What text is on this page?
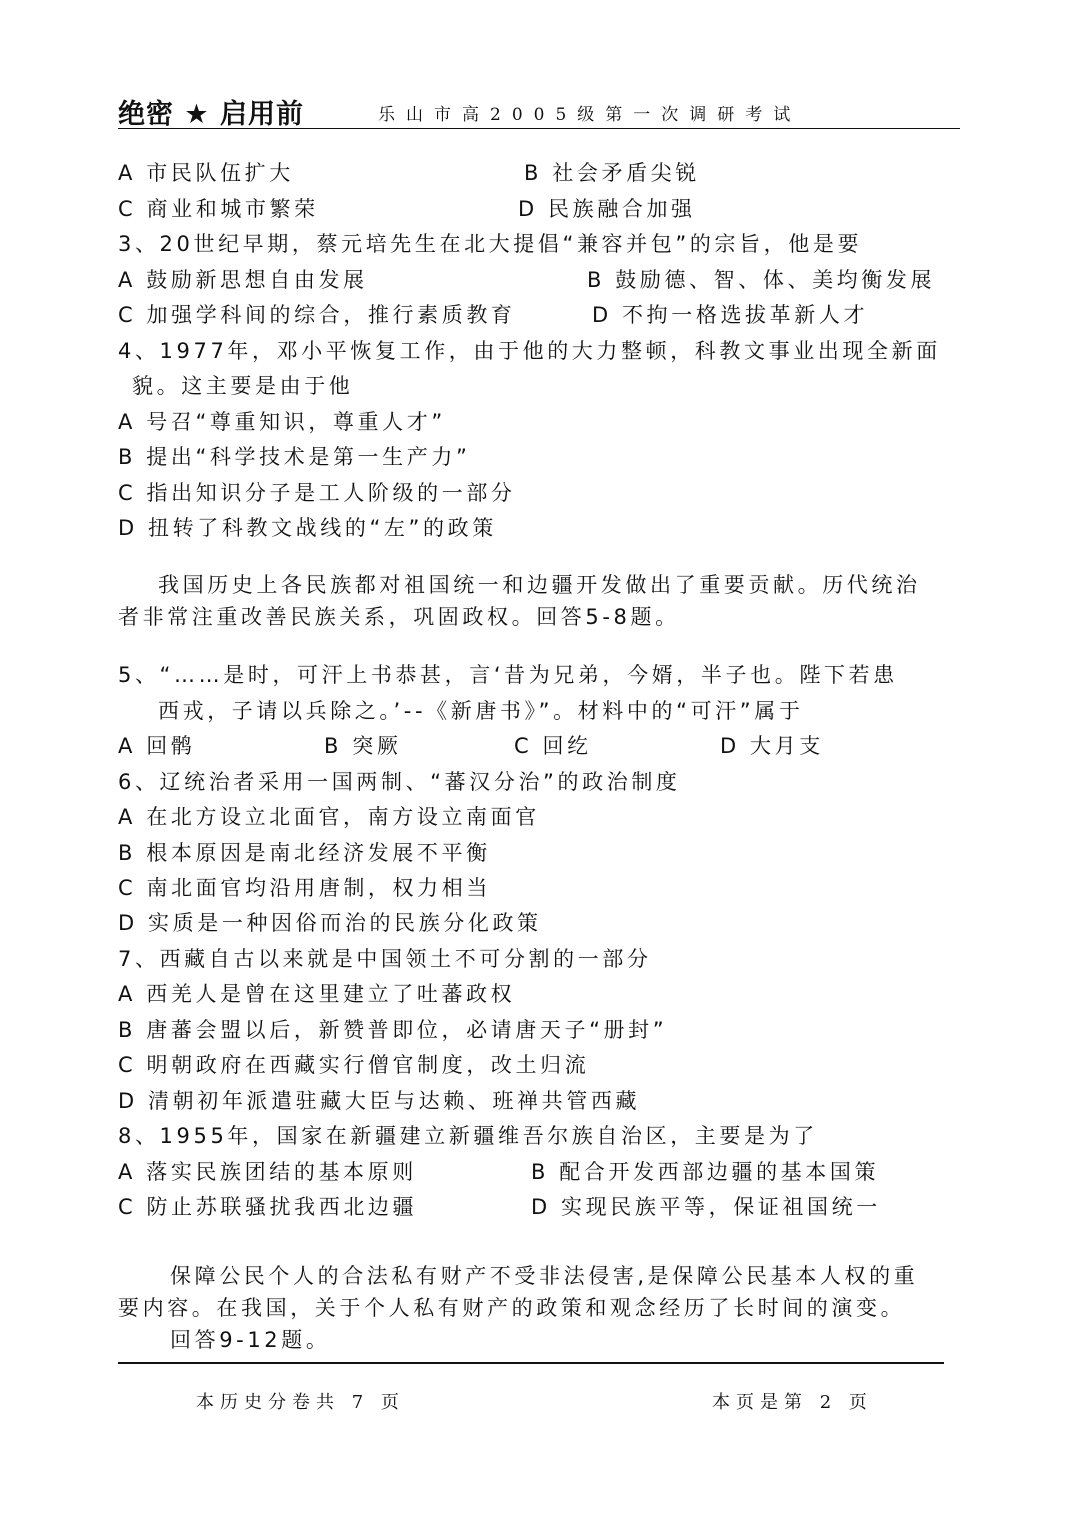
绝密 ★ 启用前	乐山市高2005级第一次调研考试
A 市民队伍扩大	B 社会矛盾尖锐
C 商业和城市繁荣	D 民族融合加强
3、20世纪早期，蔡元培先生在北大提倡“兼容并包”的宗旨，他是要
A 鼓励新思想自由发展	B 鼓励德、智、体、美均衡发展
C 加强学科间的综合，推行素质教育	D 不拘一格选拔革新人才
4、1977年，邓小平恢复工作，由于他的大力整顿，科教文事业出现全新面
貌。这主要是由于他
A 号召“尊重知识，尊重人才”
B 提出“科学技术是第一生产力”
C 指出知识分子是工人阶级的一部分
D 扭转了科教文战线的“左”的政策
我国历史上各民族都对祖国统一和边疆开发做出了重要贡献。历代统治
者非常注重改善民族关系，巩固政权。回答5-8题。
5、“……是时，可汗上书恭甚，言‘昔为兄弟，今婿，半子也。陛下若患
西戎，子请以兵除之。’--《新唐书》”。材料中的“可汗”属于
A 回鹘	B 突厥	C 回纥	D 大月支
6、辽统治者采用一国两制、“蕃汉分治”的政治制度
A 在北方设立北面官，南方设立南面官
B 根本原因是南北经济发展不平衡
C 南北面官均沿用唐制，权力相当
D 实质是一种因俗而治的民族分化政策
7、西藏自古以来就是中国领土不可分割的一部分
A 西羌人是曾在这里建立了吐蕃政权
B 唐蕃会盟以后，新赞普即位，必请唐天子“册封”
C 明朝政府在西藏实行僧官制度，改土归流
D 清朝初年派遣驻藏大臣与达赖、班禅共管西藏
8、1955年，国家在新疆建立新疆维吾尔族自治区，主要是为了
A 落实民族团结的基本原则	B 配合开发西部边疆的基本国策
C 防止苏联骚扰我西北边疆	D 实现民族平等，保证祖国统一
保障公民个人的合法私有财产不受非法侵害,是保障公民基本人权的重
要内容。在我国，关于个人私有财产的政策和观念经历了长时间的演变。
回答9-12题。
本历史分卷共 7 页	本页是第 2 页
